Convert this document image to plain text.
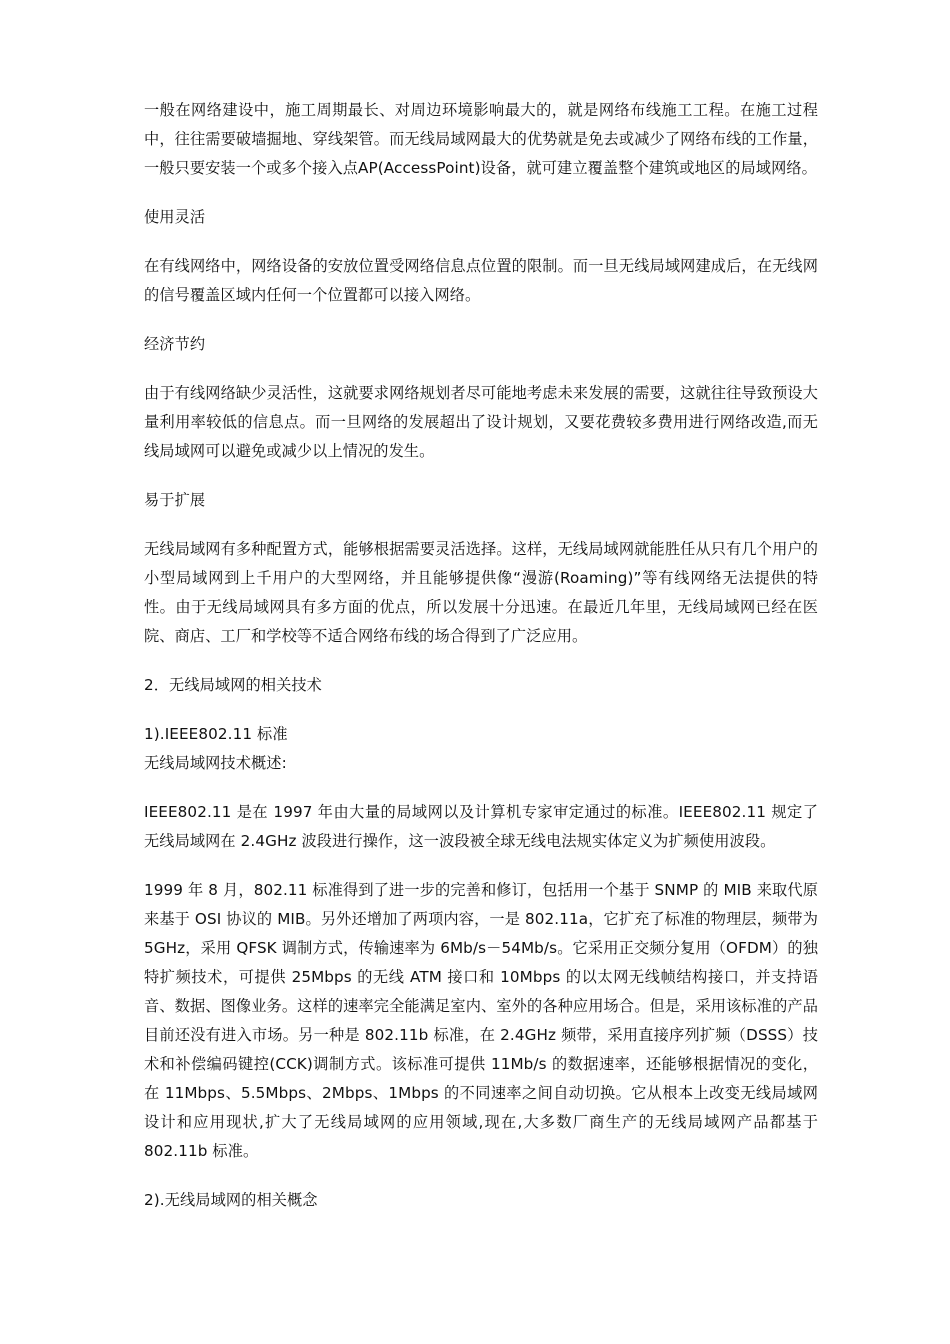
一般在网络建设中，施工周期最长、对周边环境影响最大的，就是网络布线施工工程。在施工过程中，往往需要破墙掘地、穿线架管。而无线局域网最大的优势就是免去或减少了网络布线的工作量，一般只要安装一个或多个接入点AP(AccessPoint)设备，就可建立覆盖整个建筑或地区的局域网络。

使用灵活

在有线网络中，网络设备的安放位置受网络信息点位置的限制。而一旦无线局域网建成后，在无线网的信号覆盖区域内任何一个位置都可以接入网络。

经济节约

由于有线网络缺少灵活性，这就要求网络规划者尽可能地考虑未来发展的需要，这就往往导致预设大量利用率较低的信息点。而一旦网络的发展超出了设计规划，又要花费较多费用进行网络改造,而无线局域网可以避免或减少以上情况的发生。

易于扩展

无线局域网有多种配置方式，能够根据需要灵活选择。这样，无线局域网就能胜任从只有几个用户的小型局域网到上千用户的大型网络，并且能够提供像“漫游(Roaming)”等有线网络无法提供的特性。由于无线局域网具有多方面的优点，所以发展十分迅速。在最近几年里，无线局域网已经在医院、商店、工厂和学校等不适合网络布线的场合得到了广泛应用。

2．无线局域网的相关技术

1).IEEE802.11 标准

无线局域网技术概述:

IEEE802.11 是在 1997 年由大量的局域网以及计算机专家审定通过的标准。IEEE802.11 规定了无线局域网在 2.4GHz 波段进行操作，这一波段被全球无线电法规实体定义为扩频使用波段。

1999 年 8 月，802.11 标准得到了进一步的完善和修订，包括用一个基于 SNMP 的 MIB 来取代原来基于 OSI 协议的 MIB。另外还增加了两项内容，一是 802.11a，它扩充了标准的物理层，频带为 5GHz，采用 QFSK 调制方式，传输速率为 6Mb/s－54Mb/s。它采用正交频分复用（OFDM）的独特扩频技术，可提供 25Mbps 的无线 ATM 接口和 10Mbps 的以太网无线帧结构接口，并支持语音、数据、图像业务。这样的速率完全能满足室内、室外的各种应用场合。但是，采用该标准的产品目前还没有进入市场。另一种是 802.11b 标准，在 2.4GHz 频带，采用直接序列扩频（DSSS）技术和补偿编码键控(CCK)调制方式。该标准可提供 11Mb/s 的数据速率，还能够根据情况的变化，在 11Mbps、5.5Mbps、2Mbps、1Mbps 的不同速率之间自动切换。它从根本上改变无线局域网设计和应用现状,扩大了无线局域网的应用领域,现在,大多数厂商生产的无线局域网产品都基于 802.11b 标准。

2).无线局域网的相关概念
